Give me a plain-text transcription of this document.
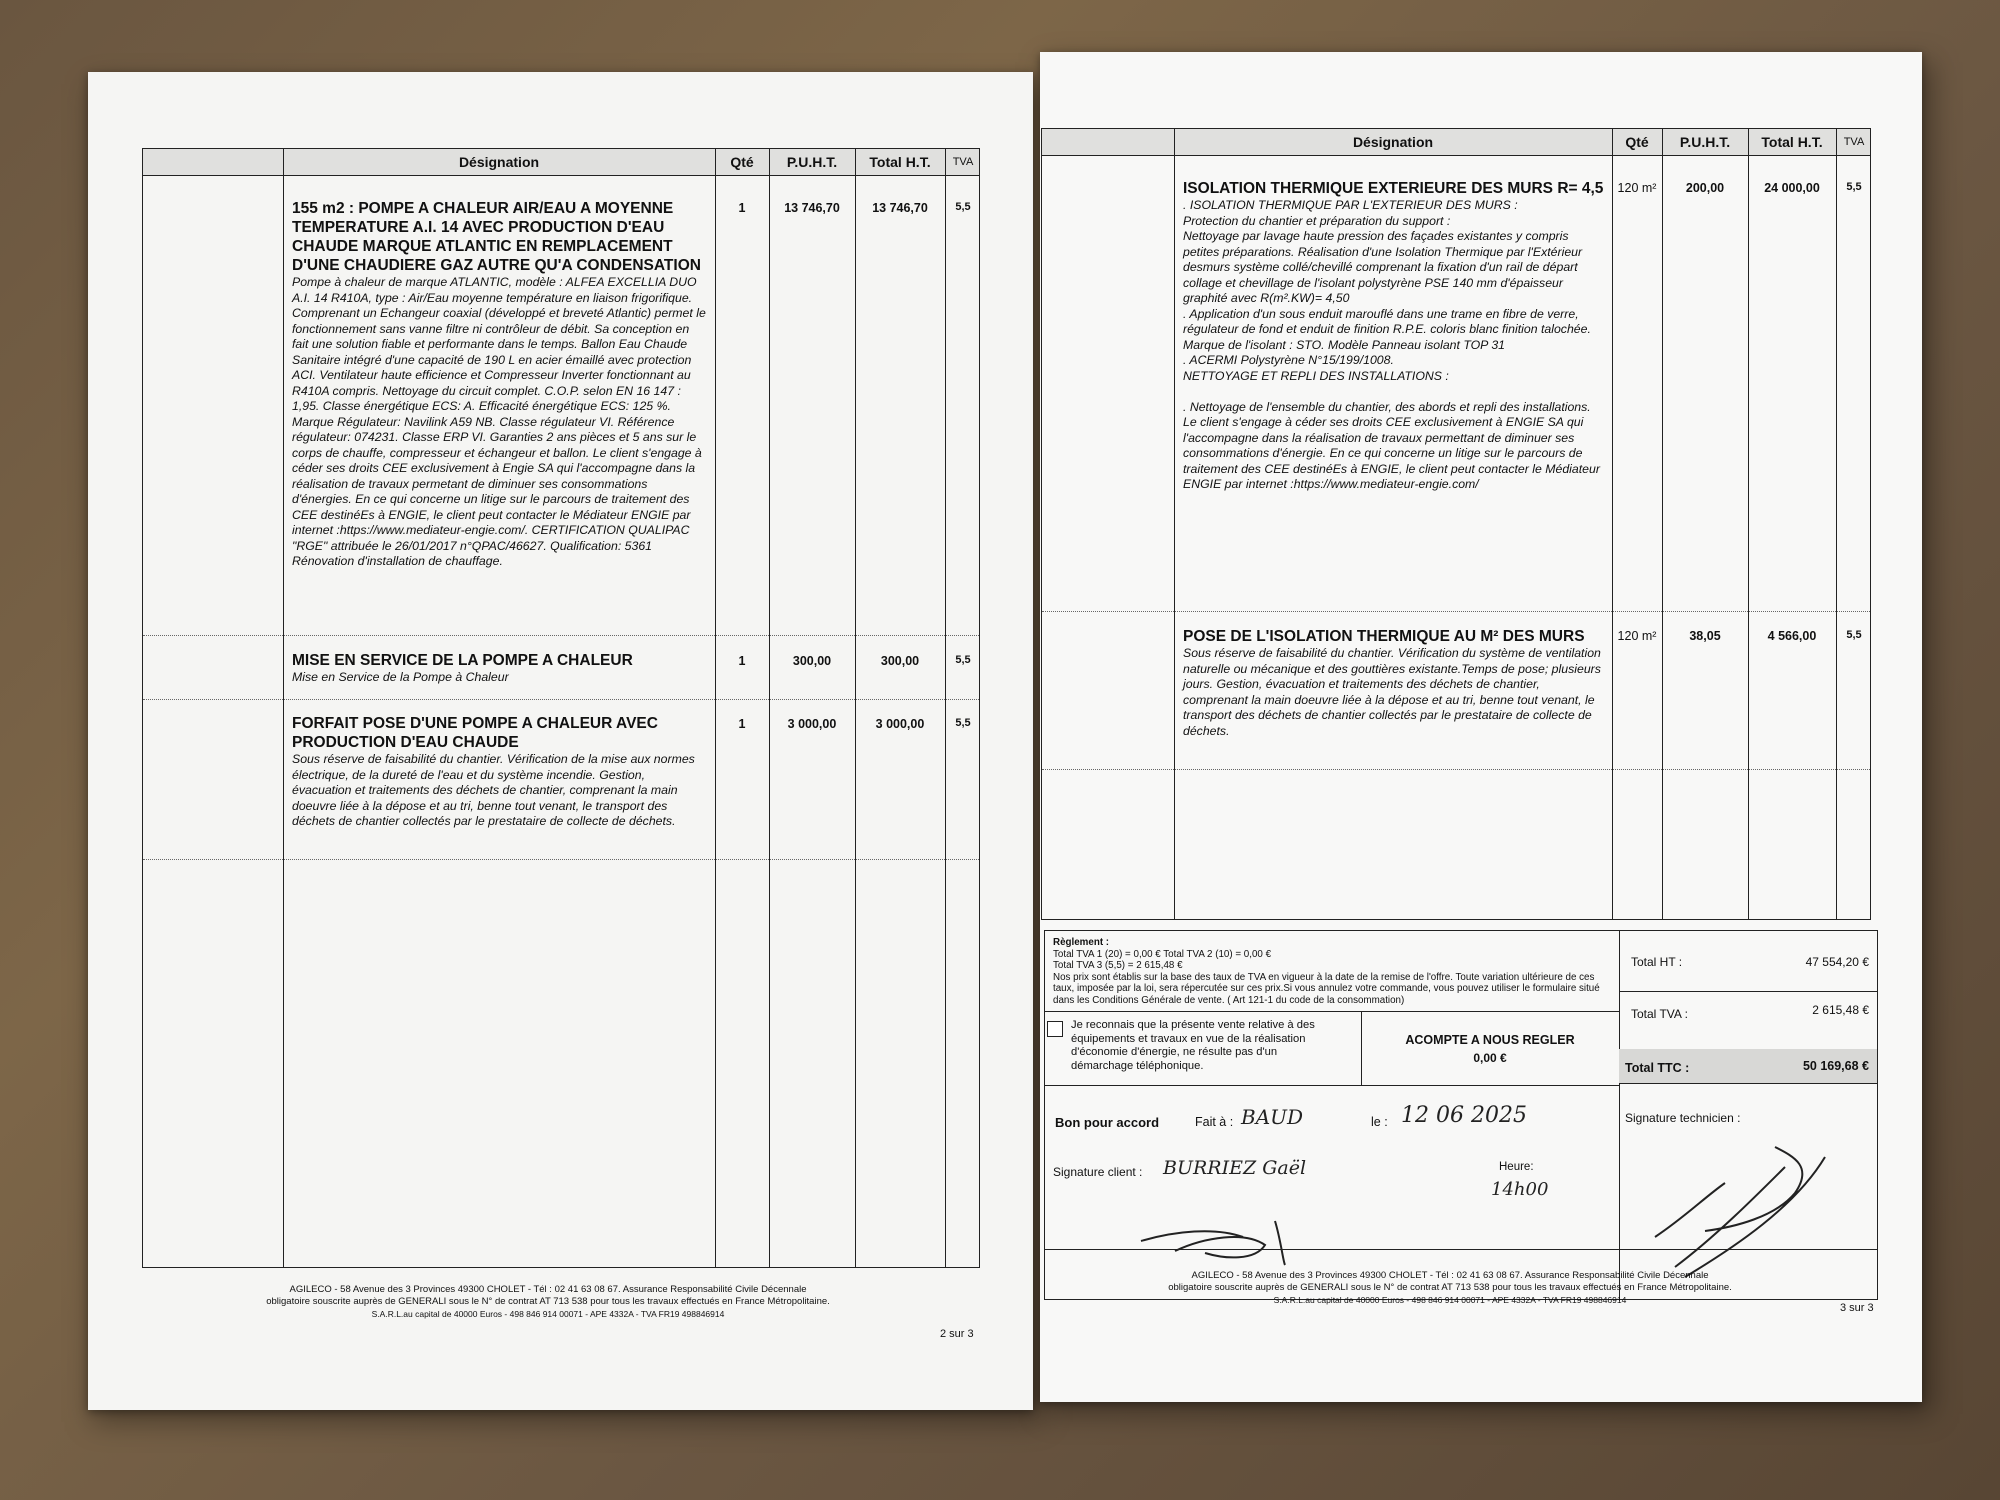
Désignation	Qté	P.U.H.T.	Total H.T.	TVA
155 m2 : POMPE A CHALEUR AIR/EAU A MOYENNE TEMPERATURE A.I. 14 AVEC PRODUCTION D'EAU CHAUDE MARQUE ATLANTIC EN REMPLACEMENT D'UNE CHAUDIERE GAZ AUTRE QU'A CONDENSATION
Pompe à chaleur de marque ATLANTIC, modèle : ALFEA EXCELLIA DUO A.I. 14 R410A, type : Air/Eau moyenne température en liaison frigorifique. Comprenant un Echangeur coaxial (développé et breveté Atlantic) permet le fonctionnement sans vanne filtre ni contrôleur de débit. Sa conception en fait une solution fiable et performante dans le temps. Ballon Eau Chaude Sanitaire intégré d'une capacité de 190 L en acier émaillé avec protection ACI. Ventilateur haute efficience et Compresseur Inverter fonctionnant au R410A compris. Nettoyage du circuit complet. C.O.P. selon EN 16 147 : 1,95. Classe énergétique ECS: A. Efficacité énergétique ECS: 125 %. Marque Régulateur: Navilink A59 NB. Classe régulateur VI. Référence régulateur: 074231. Classe ERP VI. Garanties 2 ans pièces et 5 ans sur le corps de chauffe, compresseur et échangeur et ballon. Le client s'engage à céder ses droits CEE exclusivement à Engie SA qui l'accompagne dans la réalisation de travaux permetant de diminuer ses consommations d'énergies. En ce qui concerne un litige sur le parcours de traitement des CEE destinéEs à ENGIE, le client peut contacter le Médiateur ENGIE par internet :https://www.mediateur-engie.com/. CERTIFICATION QUALIPAC "RGE" attribuée le 26/01/2017 n°QPAC/46627. Qualification: 5361 Rénovation d'installation de chauffage.
1	13 746,70	13 746,70	5,5
MISE EN SERVICE DE LA POMPE A CHALEUR
Mise en Service de la Pompe à Chaleur
1	300,00	300,00	5,5
FORFAIT POSE D'UNE POMPE A CHALEUR AVEC PRODUCTION D'EAU CHAUDE
Sous réserve de faisabilité du chantier. Vérification de la mise aux normes électrique, de la dureté de l'eau et du système incendie. Gestion, évacuation et traitements des déchets de chantier, comprenant la main doeuvre liée à la dépose et au tri, benne tout venant, le transport des déchets de chantier collectés par le prestataire de collecte de déchets.
1	3 000,00	3 000,00	5,5
AGILECO - 58 Avenue des 3 Provinces 49300 CHOLET - Tél : 02 41 63 08 67. Assurance Responsabilité Civile Décennale
obligatoire souscrite auprès de GENERALI sous le N° de contrat AT 713 538 pour tous les travaux effectués en France Métropolitaine.
S.A.R.L.au capital de 40000 Euros - 498 846 914 00071 - APE 4332A - TVA FR19 498846914
2 sur 3
Désignation	Qté	P.U.H.T.	Total H.T.	TVA
ISOLATION THERMIQUE EXTERIEURE DES MURS R= 4,5
. ISOLATION THERMIQUE PAR L'EXTERIEUR DES MURS :
Protection du chantier et préparation du support :
Nettoyage par lavage haute pression des façades existantes y compris petites préparations. Réalisation d'une Isolation Thermique par l'Extérieur desmurs système collé/chevillé comprenant la fixation d'un rail de départ collage et chevillage de l'isolant polystyrène PSE 140 mm d'épaisseur graphité avec R(m².KW)= 4,50
. Application d'un sous enduit marouflé dans une trame en fibre de verre, régulateur de fond et enduit de finition R.P.E. coloris blanc finition talochée. Marque de l'isolant : STO. Modèle Panneau isolant TOP 31
. ACERMI Polystyrène N°15/199/1008.
NETTOYAGE ET REPLI DES INSTALLATIONS :

. Nettoyage de l'ensemble du chantier, des abords et repli des installations.
Le client s'engage à céder ses droits CEE exclusivement à ENGIE SA qui l'accompagne dans la réalisation de travaux permettant de diminuer ses consommations d'énergie. En ce qui concerne un litige sur le parcours de traitement des CEE destinéEs à ENGIE, le client peut contacter le Médiateur ENGIE par internet :https://www.mediateur-engie.com/
120 m²	200,00	24 000,00	5,5
POSE DE L'ISOLATION THERMIQUE AU M² DES MURS
Sous réserve de faisabilité du chantier. Vérification du système de ventilation naturelle ou mécanique et des gouttières existante.Temps de pose; plusieurs jours. Gestion, évacuation et traitements des déchets de chantier, comprenant la main doeuvre liée à la dépose et au tri, benne tout venant, le transport des déchets de chantier collectés par le prestataire de collecte de déchets.
120 m²	38,05	4 566,00	5,5
Règlement :
Total TVA 1 (20) = 0,00 € Total TVA 2 (10) = 0,00 €
Total TVA 3 (5,5) = 2 615,48 €
Nos prix sont établis sur la base des taux de TVA en vigueur à la date de la remise de l'offre. Toute variation ultérieure de ces taux, imposée par la loi, sera répercutée sur ces prix.Si vous annulez votre commande, vous pouvez utiliser le formulaire situé dans les Conditions Générale de vente. ( Art 121-1 du code de la consommation)
Je reconnais que la présente vente relative à des équipements et travaux en vue de la réalisation d'économie d'énergie, ne résulte pas d'un démarchage téléphonique.
ACOMPTE A NOUS REGLER
0,00 €
Total HT :	47 554,20 €
Total TVA :	2 615,48 €
Total TTC :	50 169,68 €
Bon pour accord	Fait à : BAUD	le : 12 06 2025
Signature client : BURRIEZ Gaël	Heure:
14h00
Signature technicien :
AGILECO - 58 Avenue des 3 Provinces 49300 CHOLET - Tél : 02 41 63 08 67. Assurance Responsabilité Civile Décennale
obligatoire souscrite auprès de GENERALI sous le N° de contrat AT 713 538 pour tous les travaux effectués en France Métropolitaine.
S.A.R.L.au capital de 40000 Euros - 498 846 914 00071 - APE 4332A - TVA FR19 498846914
3 sur 3
